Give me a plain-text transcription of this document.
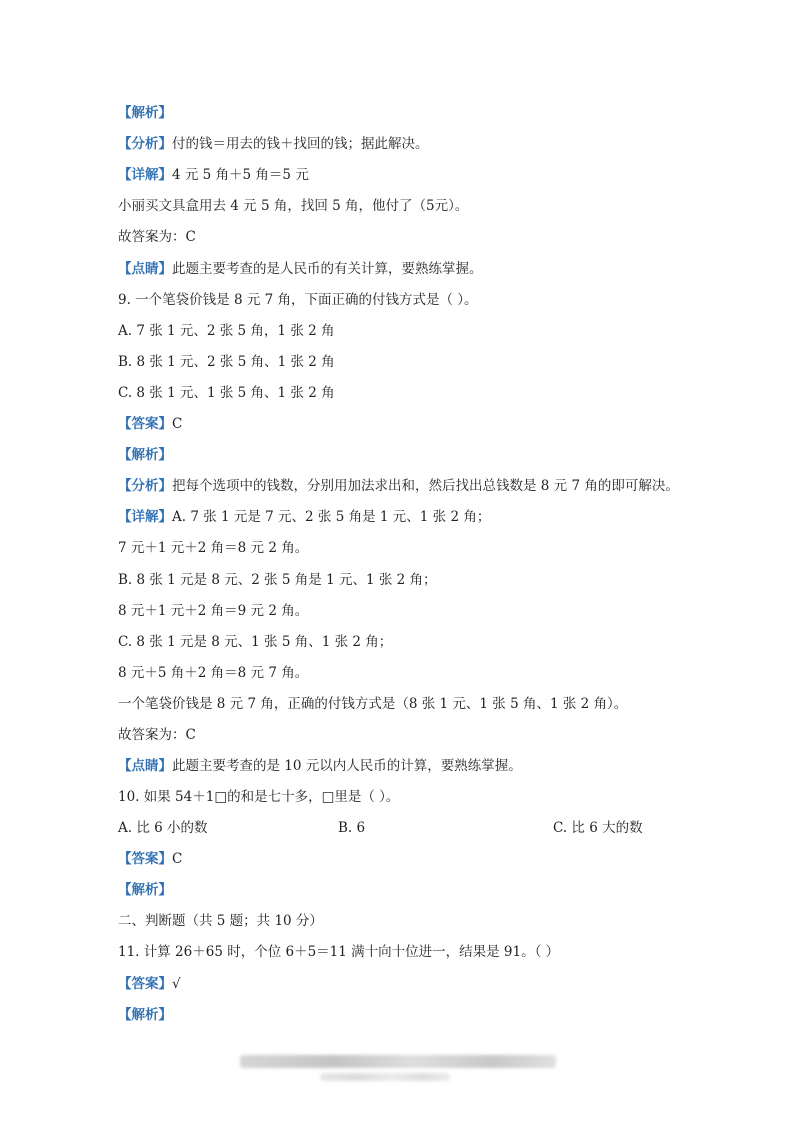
【解析】
【分析】付的钱＝用去的钱＋找回的钱；据此解决。
【详解】4 元 5 角＋5 角＝5 元
小丽买文具盒用去 4 元 5 角，找回 5 角，他付了（5元）。
故答案为：C
【点睛】此题主要考查的是人民币的有关计算，要熟练掌握。
9. 一个笔袋价钱是 8 元 7 角，下面正确的付钱方式是（ ）。
A. 7 张 1 元、2 张 5 角，1 张 2 角
B. 8 张 1 元、2 张 5 角、1 张 2 角
C. 8 张 1 元、1 张 5 角、1 张 2 角
【答案】C
【解析】
【分析】把每个选项中的钱数，分别用加法求出和，然后找出总钱数是 8 元 7 角的即可解决。
【详解】A. 7 张 1 元是 7 元、2 张 5 角是 1 元、1 张 2 角；
7 元＋1 元＋2 角＝8 元 2 角。
B. 8 张 1 元是 8 元、2 张 5 角是 1 元、1 张 2 角；
8 元＋1 元＋2 角＝9 元 2 角。
C. 8 张 1 元是 8 元、1 张 5 角、1 张 2 角；
8 元＋5 角＋2 角＝8 元 7 角。
一个笔袋价钱是 8 元 7 角，正确的付钱方式是（8 张 1 元、1 张 5 角、1 张 2 角）。
故答案为：C
【点睛】此题主要考查的是 10 元以内人民币的计算，要熟练掌握。
10. 如果 54＋1□的和是七十多，□里是（ ）。
A. 比 6 小的数	B. 6	C. 比 6 大的数
【答案】C
【解析】
二、判断题（共 5 题；共 10 分）
11. 计算 26＋65 时，个位 6＋5＝11 满十向十位进一，结果是 91。（ ）
【答案】√
【解析】
